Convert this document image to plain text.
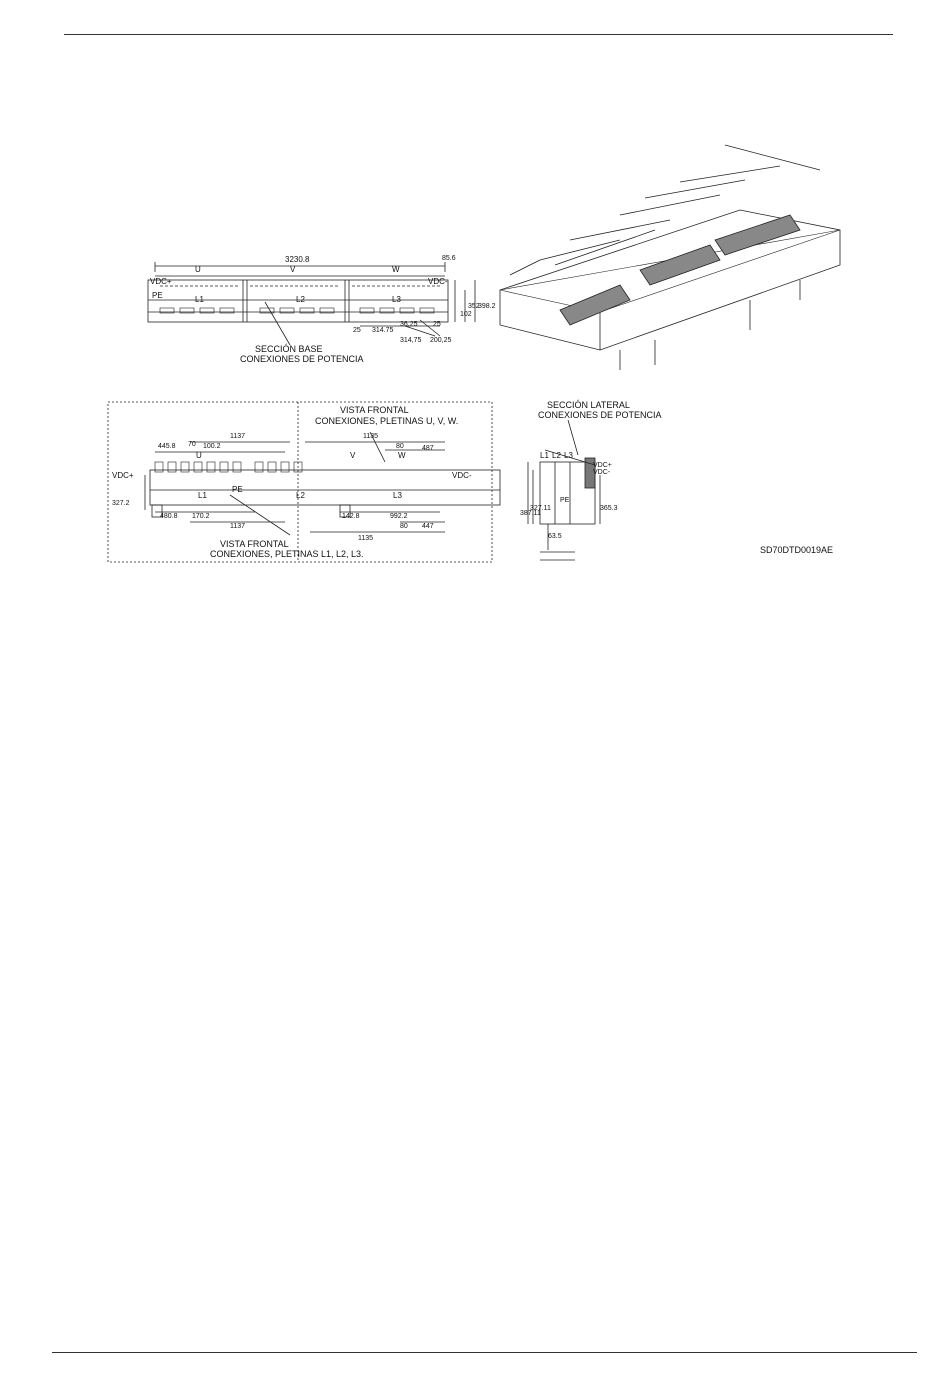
3230.8	85.6
U	V	W
VDC+	VDC-
PE	L1	L2	L3
102
352
398.2
25 314.75
36,25 25
314,75 200,25
SECCIÓN BASE
CONEXIONES DE POTENCIA
VISTA FRONTAL
CONEXIONES, PLETINAS U, V, W.
445.8 70 100.2
1137	1135
80	487
U	V	W
VDC+	VDC-
327.2
L1	L2	L3
PE
480.8 170.2
1137
142.8	992.2
80 447
1135
VISTA FRONTAL
CONEXIONES, PLETINAS L1, L2, L3.
SECCIÓN LATERAL
CONEXIONES DE POTENCIA
L1 L2 L3
VDC+
VDC-
PE
387.11
327.11	365.3
63.5
SD70DTD0019AE
